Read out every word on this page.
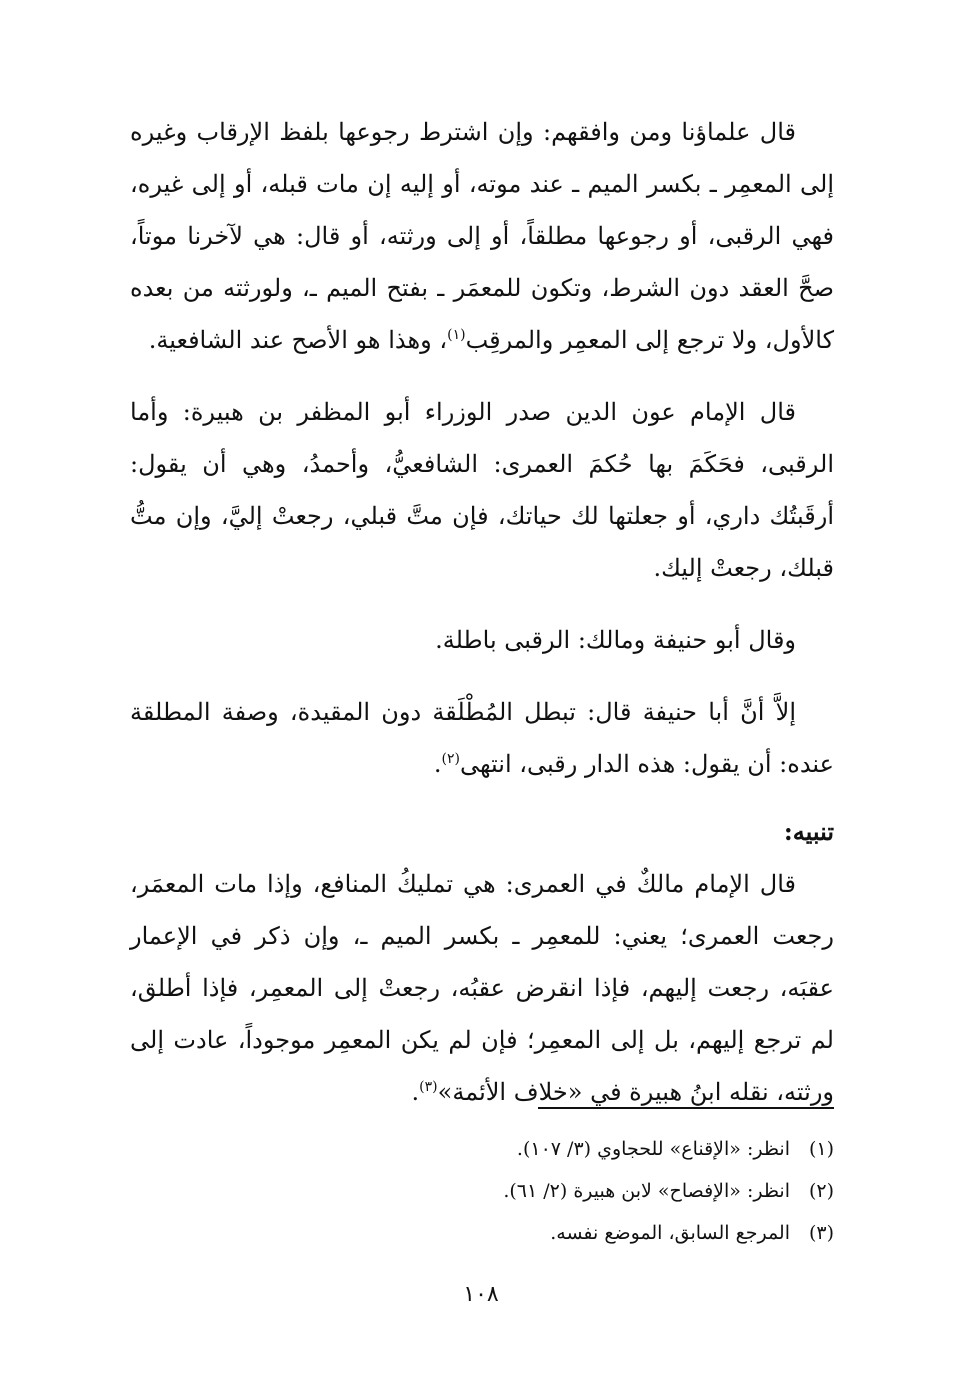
قال علماؤنا ومن وافقهم: وإن اشترط رجوعها بلفظ الإرقاب وغيره إلى المعمِر ـ بكسر الميم ـ عند موته، أو إليه إن مات قبله، أو إلى غيره، فهي الرقبى، أو رجوعها مطلقاً، أو إلى ورثته، أو قال: هي لآخرنا موتاً، صحَّ العقد دون الشرط، وتكون للمعمَر ـ بفتح الميم ـ، ولورثته من بعده كالأول، ولا ترجع إلى المعمِر والمرقِب$^{(١)}$، وهذا هو الأصح عند الشافعية.

قال الإمام عون الدين صدر الوزراء أبو المظفر بن هبيرة: وأما الرقبى، فحَكَمَ بها حُكمَ العمرى: الشافعيُّ، وأحمدُ، وهي أن يقول: أرقَبتُك داري، أو جعلتها لك حياتك، فإن متَّ قبلي، رجعتْ إليَّ، وإن متُّ قبلك، رجعتْ إليك.

وقال أبو حنيفة ومالك: الرقبى باطلة.

إلاَّ أنَّ أبا حنيفة قال: تبطل المُطْلَقة دون المقيدة، وصفة المطلقة عنده: أن يقول: هذه الدار رقبى، انتهى$^{(٢)}$.

تنبيه:

قال الإمام مالكٌ في العمرى: هي تمليكُ المنافع، وإذا مات المعمَر، رجعت العمرى؛ يعني: للمعمِر ـ بكسر الميم ـ، وإن ذكر في الإعمار عقبَه، رجعت إليهم، فإذا انقرض عقبُه، رجعتْ إلى المعمِر، فإذا أطلق، لم ترجع إليهم، بل إلى المعمِر؛ فإن لم يكن المعمِر موجوداً، عادت إلى ورثته، نقله ابنُ هبيرة في «خلاف الأئمة»$^{(٣)}$.

(١)انظر: «الإقناع» للحجاوي (٣/ ١٠٧).

(٢)انظر: «الإفصاح» لابن هبيرة (٢/ ٦١).

(٣)المرجع السابق، الموضع نفسه.

١٠٨
